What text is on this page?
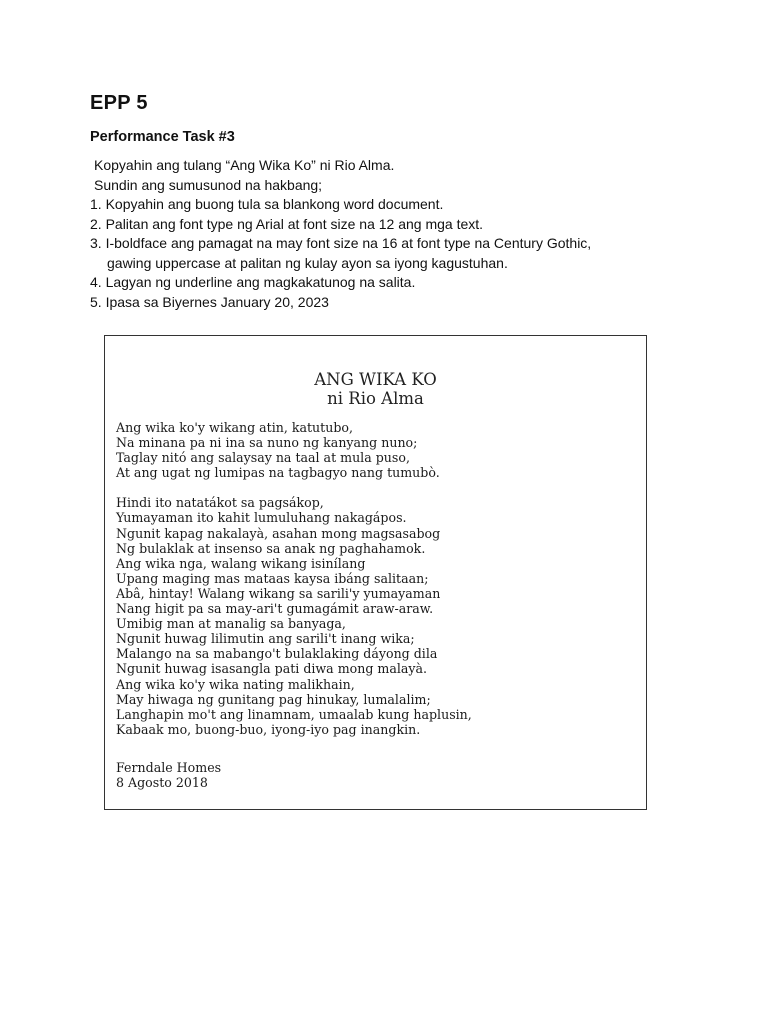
EPP 5
Performance Task #3
Kopyahin ang tulang “Ang Wika Ko” ni Rio Alma.
Sundin ang sumusunod na hakbang;
1. Kopyahin ang buong tula sa blankong word document.
2. Palitan ang font type ng Arial at font size na 12 ang mga text.
3. I-boldface ang pamagat na may font size na 16 at font type na Century Gothic,
gawing uppercase at palitan ng kulay ayon sa iyong kagustuhan.
4. Lagyan ng underline ang magkakatunog na salita.
5. Ipasa sa Biyernes January 20, 2023
ANG WIKA KO
ni Rio Alma
Ang wika ko'y wikang atin, katutubo,
Na minana pa ni ina sa nuno ng kanyang nuno;
Taglay nitó ang salaysay na taal at mula puso,
At ang ugat ng lumipas na tagbagyo nang tumubò.
Hindi ito natatákot sa pagsákop,
Yumayaman ito kahit lumuluhang nakagápos.
Ngunit kapag nakalayà, asahan mong magsasabog
Ng bulaklak at insenso sa anak ng paghahamok.
Ang wika nga, walang wikang isinílang
Upang maging mas mataas kaysa ibáng salitaan;
Abâ, hintay! Walang wikang sa sarili'y yumayaman
Nang higit pa sa may-ari't gumagámit araw-araw.
Umibig man at manalig sa banyaga,
Ngunit huwag lilimutin ang sarili't inang wika;
Malango na sa mabango't bulaklaking dáyong dila
Ngunit huwag isasangla pati diwa mong malayà.
Ang wika ko'y wika nating malikhain,
May hiwaga ng gunitang pag hinukay, lumalalim;
Langhapin mo't ang linamnam, umaalab kung haplusin,
Kabaak mo, buong-buo, iyong-iyo pag inangkin.
Ferndale Homes
8 Agosto 2018
